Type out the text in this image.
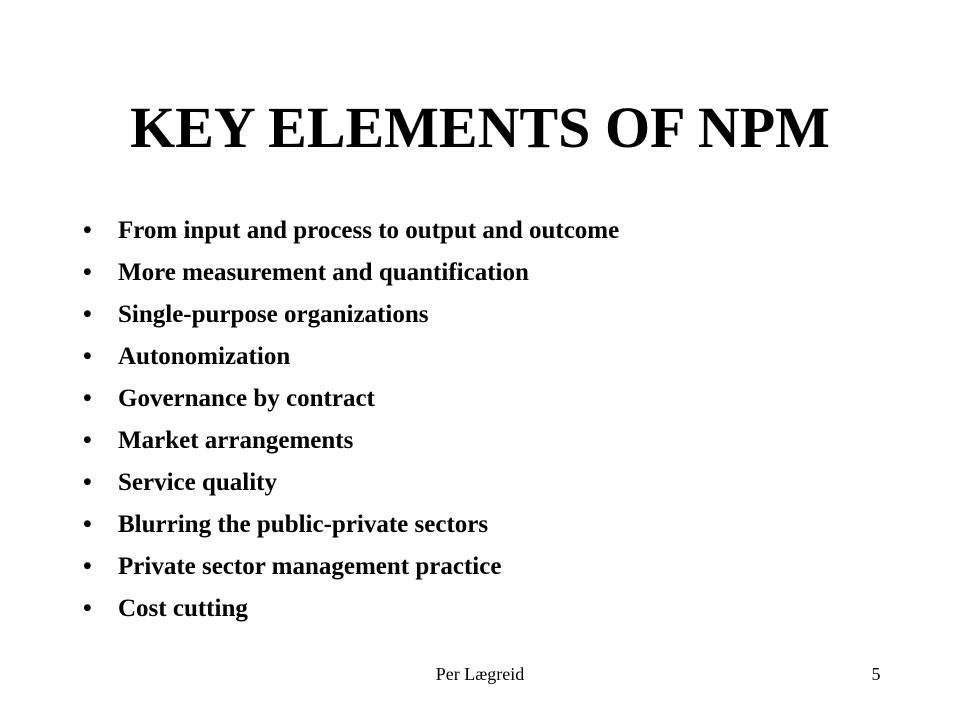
KEY ELEMENTS OF NPM
• From input and process to output and outcome
• More measurement and quantification
• Single-purpose organizations
• Autonomization
• Governance by contract
• Market arrangements
• Service quality
• Blurring the public-private sectors
• Private sector management practice
• Cost cutting
Per Lægreid	5
